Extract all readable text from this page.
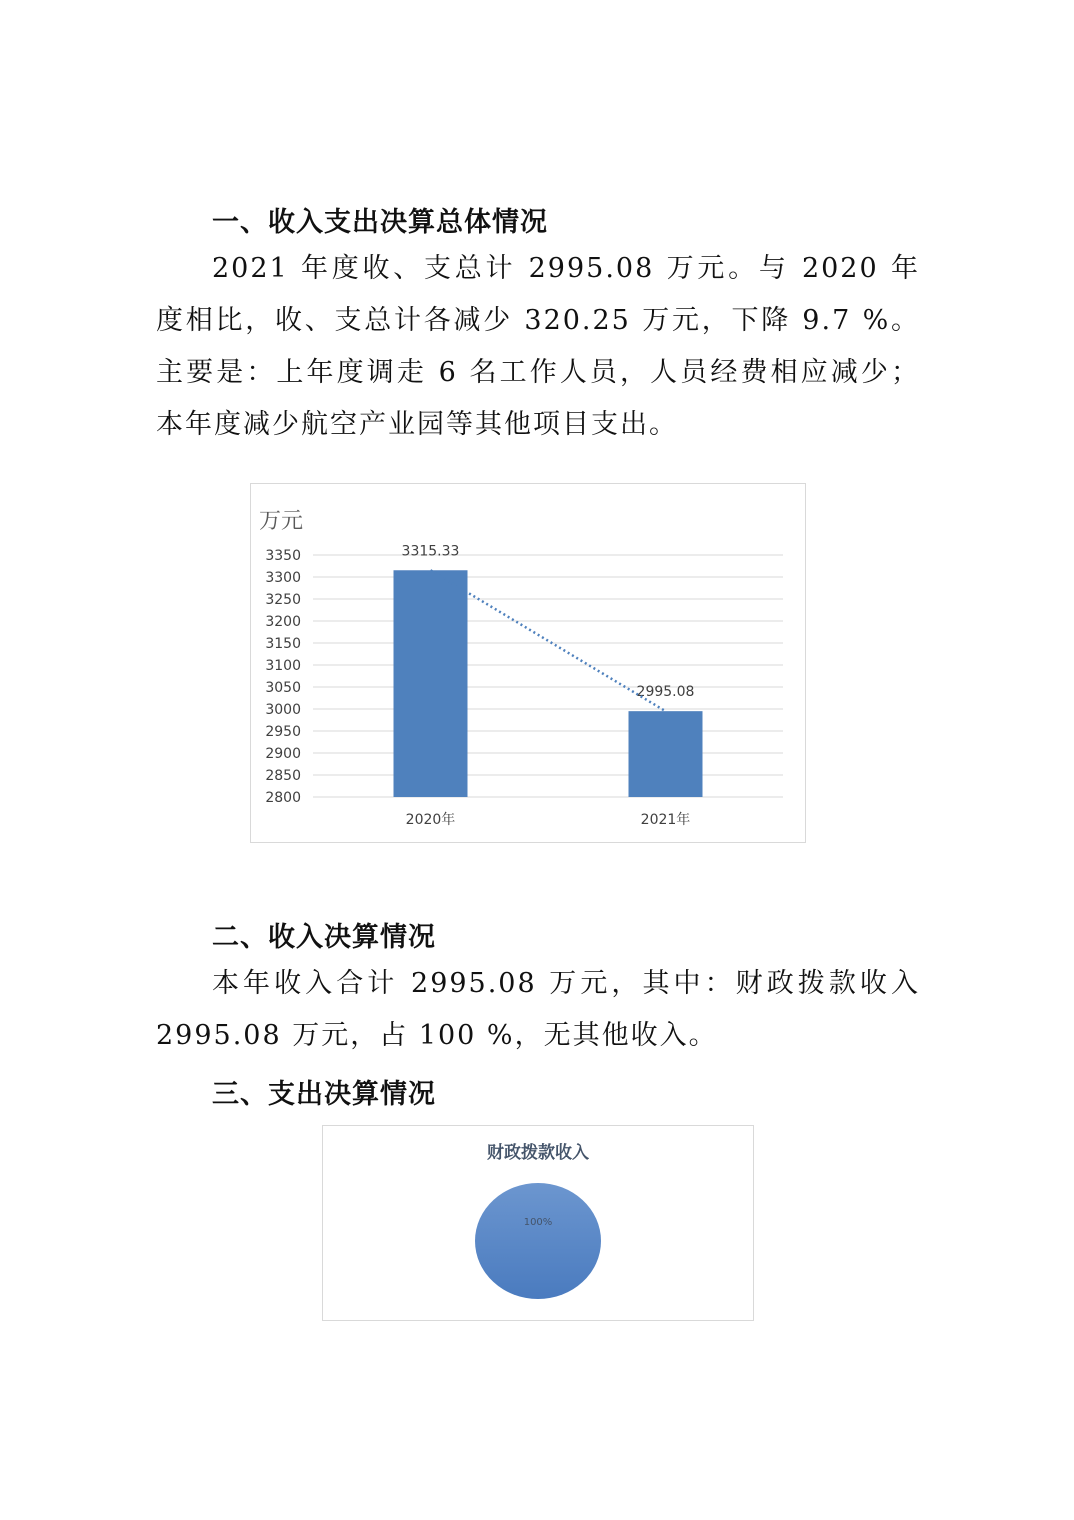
一、收入支出决算总体情况

2021 年度收、支总计 2995.08 万元。与 2020 年度相比，收、支总计各减少 320.25 万元，下降 9.7 %。主要是：上年度调走 6 名工作人员，人员经费相应减少；本年度减少航空产业园等其他项目支出。

万元
2800
2850
2900
2950
3000
3050
3100
3150
3200
3250
3300
3350
2020年
3315.33
2021年
2995.08
二、收入决算情况

本年收入合计 2995.08 万元，其中：财政拨款收入 2995.08 万元，占 100 %，无其他收入。

三、支出决算情况
财政拨款收入
100%
